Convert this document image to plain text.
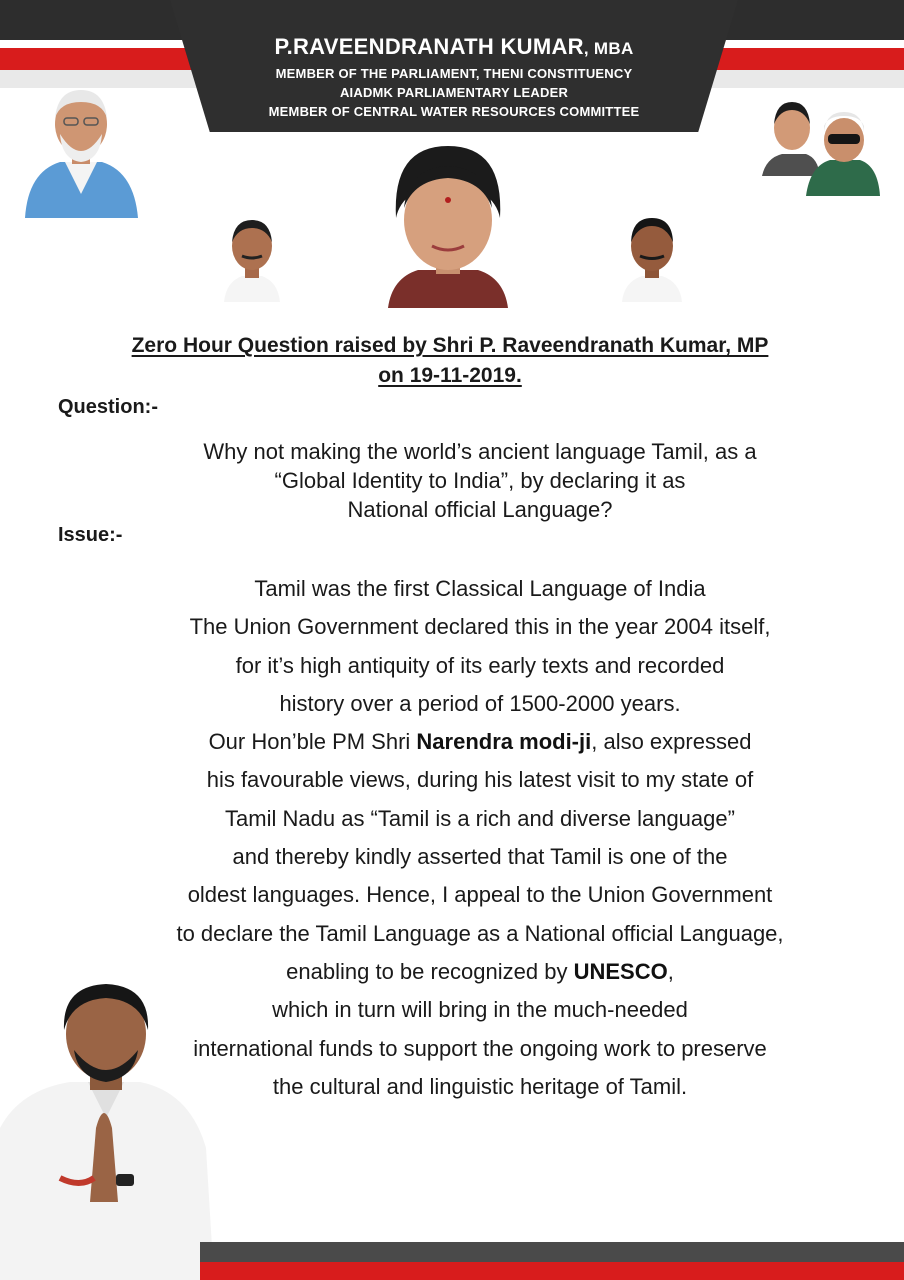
P.RAVEENDRANATH KUMAR, MBA
MEMBER OF THE PARLIAMENT, THENI CONSTITUENCY
AIADMK PARLIAMENTARY LEADER
MEMBER OF CENTRAL WATER RESOURCES COMMITTEE
Zero Hour Question raised by Shri P. Raveendranath Kumar, MP
on 19-11-2019.
Question:-
Why not making the world’s ancient language Tamil, as a
“Global Identity to India”, by declaring it as
National official Language?
Issue:-
Tamil was the first Classical Language of India
The Union Government declared this in the year 2004 itself,
for it’s high antiquity of its early texts and recorded
history over a period of 1500-2000 years.
Our Hon’ble PM Shri Narendra modi-ji, also expressed
his favourable views, during his latest visit to my state of
Tamil Nadu as “Tamil is a rich and diverse language”
and thereby kindly asserted that Tamil is one of the
oldest languages. Hence, I appeal to the Union Government
to declare the Tamil Language as a National official Language,
enabling to be recognized by UNESCO,
which in turn will bring in the much-needed
international funds to support the ongoing work to preserve
the cultural and linguistic heritage of Tamil.
